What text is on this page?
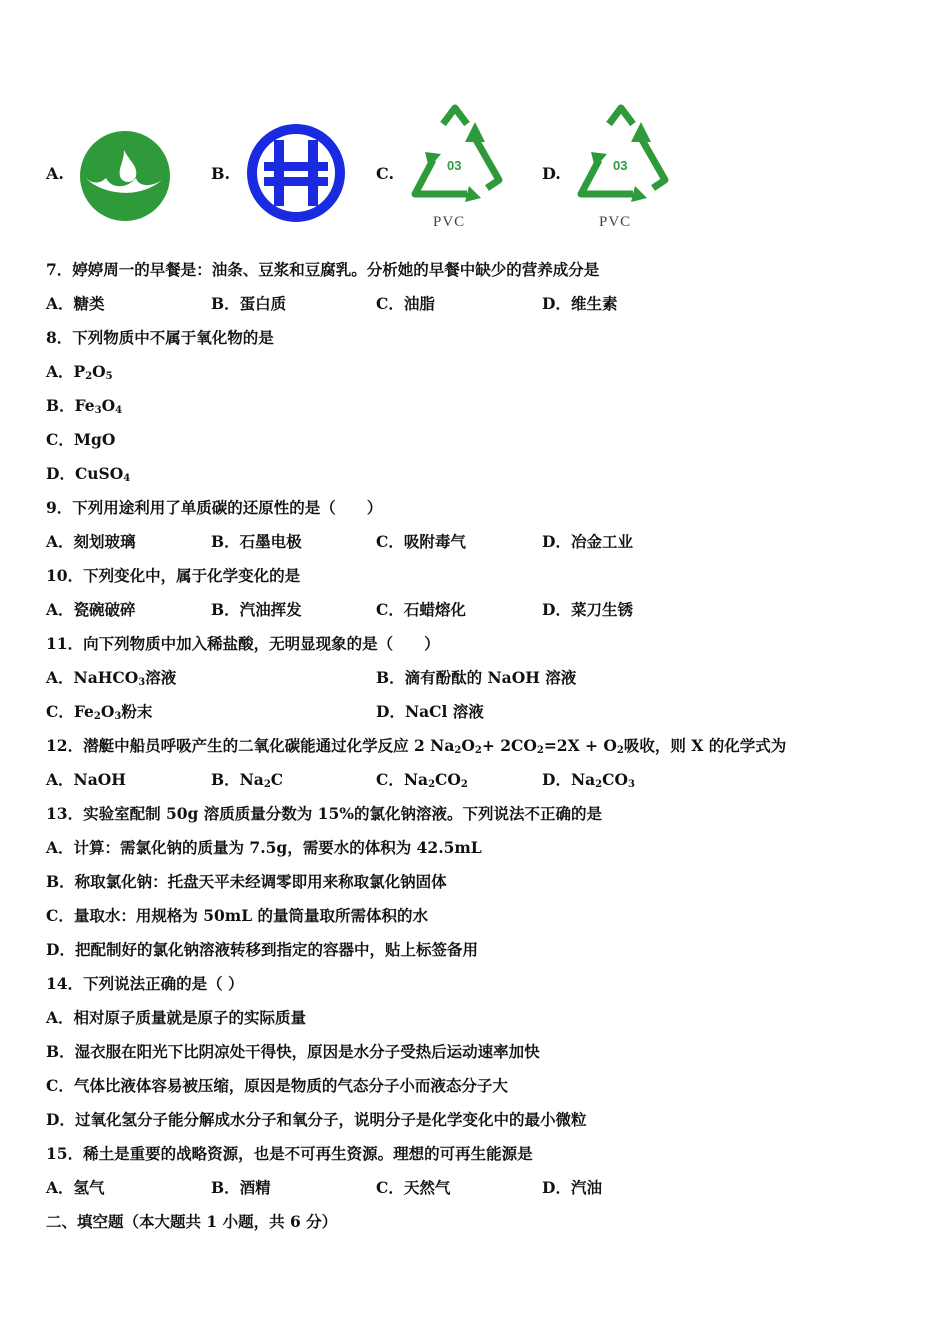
A.	B.	C.	03
PVC
D.	03
PVC
7．婷婷周一的早餐是：油条、豆浆和豆腐乳。分析她的早餐中缺少的营养成分是
A．糖类	B．蛋白质	C．油脂	D．维生素
8．下列物质中不属于氧化物的是
A．$P_2O_5$
B．$Fe_3O_4$
C．MgO
D．CuSO$_4$
9．下列用途利用了单质碳的还原性的是（　　）
A．刻划玻璃	B．石墨电极	C．吸附毒气	D．冶金工业
10．下列变化中，属于化学变化的是
A．瓷碗破碎	B．汽油挥发	C．石蜡熔化	D．菜刀生锈
11．向下列物质中加入稀盐酸，无明显现象的是（　　）
A．NaHCO$_3$溶液	B．滴有酚酞的 NaOH 溶液
C．$Fe_2O_3$粉末	D．NaCl 溶液
12．潜艇中船员呼吸产生的二氧化碳能通过化学反应 2 $Na_2O_2+ 2CO_2=2X + O_2$吸收，则 X 的化学式为
A．NaOH	B．$Na_2C$	C．$Na_2CO_2$	D．$Na_2CO_3$
13．实验室配制 50g 溶质质量分数为 15%的氯化钠溶液。下列说法不正确的是
A．计算：需氯化钠的质量为 7.5g，需要水的体积为 42.5mL
B．称取氯化钠：托盘天平未经调零即用来称取氯化钠固体
C．量取水：用规格为 50mL 的量筒量取所需体积的水
D．把配制好的氯化钠溶液转移到指定的容器中，贴上标签备用
14．下列说法正确的是（ ）
A．相对原子质量就是原子的实际质量
B．湿衣服在阳光下比阴凉处干得快，原因是水分子受热后运动速率加快
C．气体比液体容易被压缩，原因是物质的气态分子小而液态分子大
D．过氧化氢分子能分解成水分子和氧分子，说明分子是化学变化中的最小微粒
15．稀土是重要的战略资源，也是不可再生资源。理想的可再生能源是
A．氢气	B．酒精	C．天然气	D．汽油
二、填空题（本大题共 1 小题，共 6 分）
